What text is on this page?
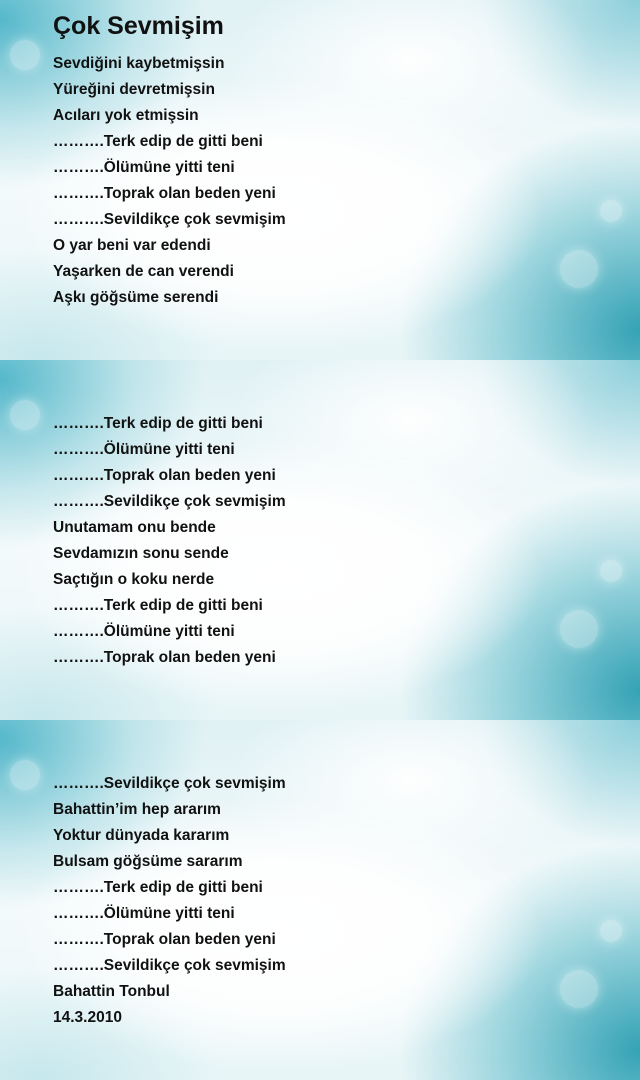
Çok Sevmişim
Sevdiğini kaybetmişsin
Yüreğini devretmişsin
Acıları yok etmişsin
……….Terk edip de gitti beni
……….Ölümüne yitti teni
……….Toprak olan beden yeni
……….Sevildikçe çok sevmişim
O yar beni var edendi
Yaşarken de can verendi
Aşkı göğsüme serendi
……….Terk edip de gitti beni
……….Ölümüne yitti teni
……….Toprak olan beden yeni
……….Sevildikçe çok sevmişim
Unutamam onu bende
Sevdamızın sonu sende
Saçtığın o koku nerde
……….Terk edip de gitti beni
……….Ölümüne yitti teni
……….Toprak olan beden yeni
……….Sevildikçe çok sevmişim
Bahattin’im hep ararım
Yoktur dünyada kararım
Bulsam göğsüme sararım
……….Terk edip de gitti beni
……….Ölümüne yitti teni
……….Toprak olan beden yeni
……….Sevildikçe çok sevmişim
Bahattin Tonbul
14.3.2010
